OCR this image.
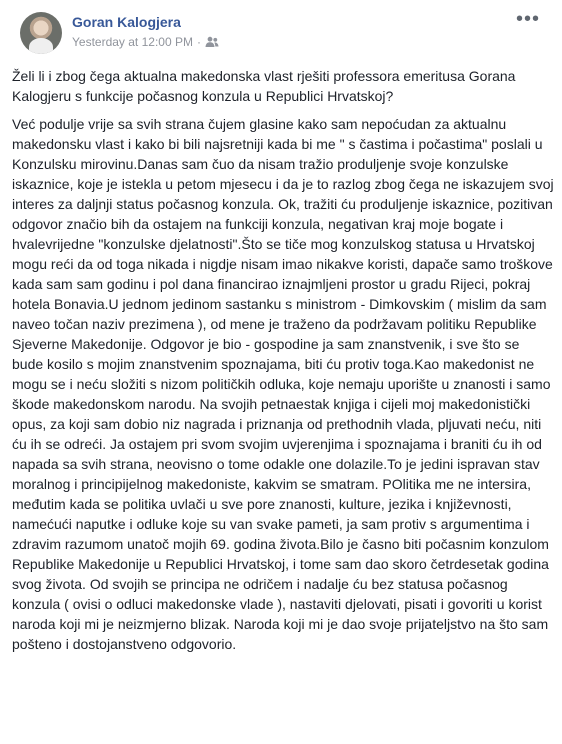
Goran Kalogjera
Yesterday at 12:00 PM ·
•••
Želi li i zbog čega aktualna makedonska vlast rješiti professora emeritusa Gorana Kalogjeru s funkcije počasnog konzula u Republici Hrvatskoj?
Već podulje vrije sa svih strana čujem glasine kako sam nepoćudan za aktualnu makedonsku vlast i kako bi bili najsretniji kada bi me " s častima i počastima" poslali u Konzulsku mirovinu.Danas sam čuo da nisam tražio produljenje svoje konzulske iskaznice, koje je istekla u petom mjesecu i da je to razlog zbog čega ne iskazujem svoj interes za daljnji status počasnog konzula. Ok, tražiti ću produljenje iskaznice, pozitivan odgovor značio bih da ostajem na funkciji konzula, negativan kraj moje bogate i hvalevrijedne "konzulske djelatnosti".Što se tiče mog konzulskog statusa u Hrvatskoj mogu reći da od toga nikada i nigdje nisam imao nikakve koristi, dapače samo troškove kada sam sam godinu i pol dana financirao iznajmljeni prostor u gradu Rijeci, pokraj hotela Bonavia.U jednom jedinom sastanku s ministrom - Dimkovskim ( mislim da sam naveo točan naziv prezimena ), od mene je traženo da podržavam politiku Republike Sjeverne Makedonije. Odgovor je bio - gospodine ja sam znanstvenik, i sve što se bude kosilo s mojim znanstvenim spoznajama, biti ću protiv toga.Kao makedonist ne mogu se i neću složiti s nizom političkih odluka, koje nemaju uporište u znanosti i samo škode makedonskom narodu. Na svojih petnaestak knjiga i cijeli moj makedonistički opus, za koji sam dobio niz nagrada i priznanja od prethodnih vlada, pljuvati neću, niti ću ih se odreći. Ja ostajem pri svom svojim uvjerenjima i spoznajama i braniti ću ih od napada sa svih strana, neovisno o tome odakle one dolazile.To je jedini ispravan stav moralnog i principijelnog makedoniste, kakvim se smatram. POlitika me ne intersira, međutim kada se politika uvlači u sve pore znanosti, kulture, jezika i književnosti, namećući naputke i odluke koje su van svake pameti, ja sam protiv s argumentima i zdravim razumom unatoč mojih 69. godina života.Bilo je časno biti počasnim konzulom Republike Makedonije u Republici Hrvatskoj, i tome sam dao skoro četrdesetak godina svog života. Od svojih se principa ne odričem i nadalje ću bez statusa počasnog konzula ( ovisi o odluci makedonske vlade ), nastaviti djelovati, pisati i govoriti u korist naroda koji mi je neizmjerno blizak. Naroda koji mi je dao svoje prijateljstvo na što sam pošteno i dostojanstveno odgovorio.
